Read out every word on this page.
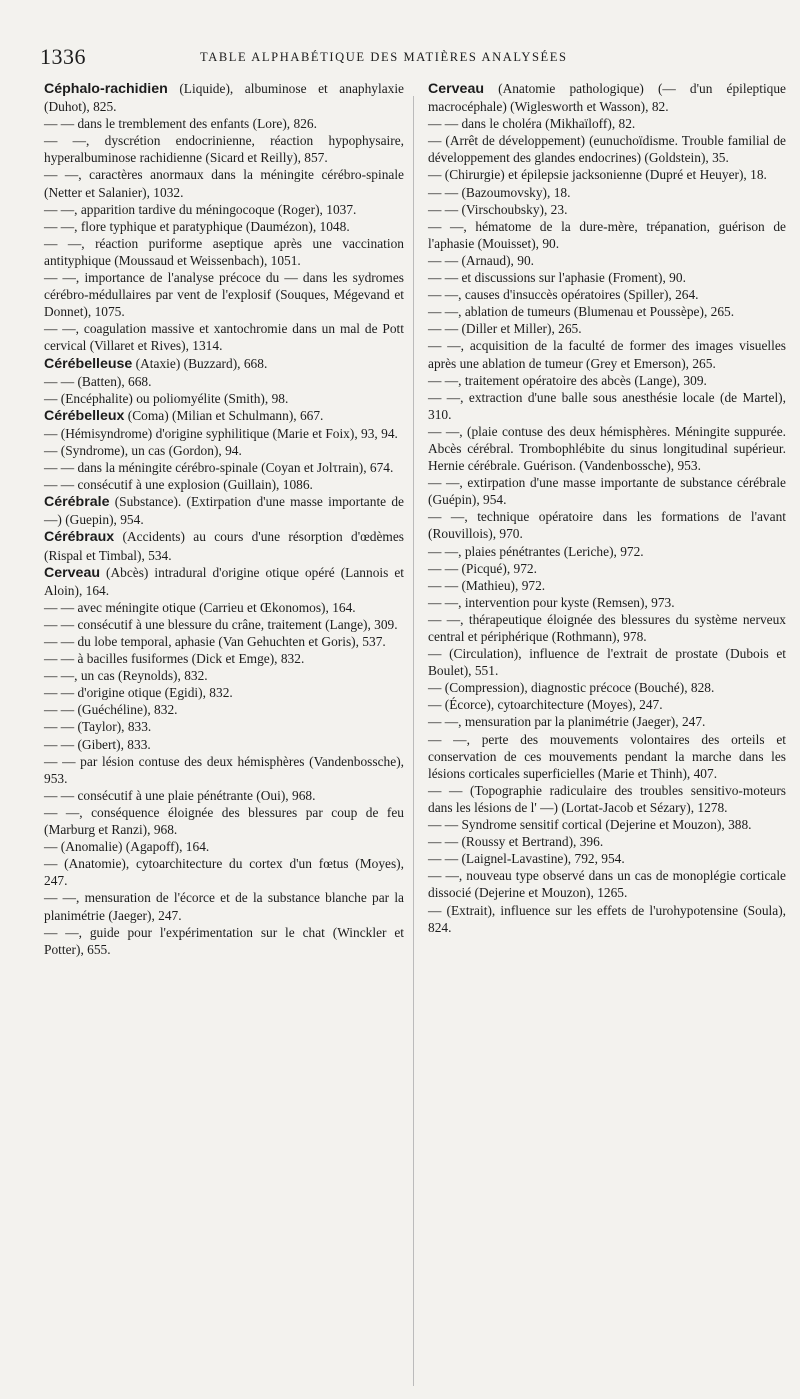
1336	TABLE ALPHABÉTIQUE DES MATIÈRES ANALYSÉES

Céphalo-rachidien (Liquide), albuminose et anaphylaxie (Duhot), 825.

— — dans le tremblement des enfants (Lore), 826.

— —, dyscrétion endocrinienne, réaction hypophysaire, hyperalbuminose rachidienne (Sicard et Reilly), 857.

— —, caractères anormaux dans la méningite cérébro-spinale (Netter et Salanier), 1032.

— —, apparition tardive du méningocoque (Roger), 1037.

— —, flore typhique et paratyphique (Daumézon), 1048.

— —, réaction puriforme aseptique après une vaccination antityphique (Moussaud et Weissenbach), 1051.

— —, importance de l'analyse précoce du — dans les sydromes cérébro-médullaires par vent de l'explosif (Souques, Mégevand et Donnet), 1075.

— —, coagulation massive et xantochromie dans un mal de Pott cervical (Villaret et Rives), 1314.

Cérébelleuse (Ataxie) (Buzzard), 668.

— — (Batten), 668.

— (Encéphalite) ou poliomyélite (Smith), 98.

Cérébelleux (Coma) (Milian et Schulmann), 667.

— (Hémisyndrome) d'origine syphilitique (Marie et Foix), 93, 94.

— (Syndrome), un cas (Gordon), 94.

— — dans la méningite cérébro-spinale (Coyan et Jolτrain), 674.

— — consécutif à une explosion (Guillain), 1086.

Cérébrale (Substance). (Extirpation d'une masse importante de —) (Guepin), 954.

Cérébraux (Accidents) au cours d'une résorption d'œdèmes (Rispal et Timbal), 534.

Cerveau (Abcès) intradural d'origine otique opéré (Lannois et Aloin), 164.

— — avec méningite otique (Carrieu et Œkonomos), 164.

— — consécutif à une blessure du crâne, traitement (Lange), 309.

— — du lobe temporal, aphasie (Van Gehuchten et Goris), 537.

— — à bacilles fusiformes (Dick et Emge), 832.

— —, un cas (Reynolds), 832.

— — d'origine otique (Egidi), 832.

— — (Guéchéline), 832.

— — (Taylor), 833.

— — (Gibert), 833.

— — par lésion contuse des deux hémisphères (Vandenbossche), 953.

— — consécutif à une plaie pénétrante (Oui), 968.

— —, conséquence éloignée des blessures par coup de feu (Marburg et Ranzi), 968.

— (Anomalie) (Agapoff), 164.

— (Anatomie), cytoarchitecture du cortex d'un fœtus (Moyes), 247.

— —, mensuration de l'écorce et de la substance blanche par la planimétrie (Jaeger), 247.

— —, guide pour l'expérimentation sur le chat (Winckler et Potter), 655.

Cerveau (Anatomie pathologique) (— d'un épileptique macrocéphale) (Wiglesworth et Wasson), 82.

— — dans le choléra (Mikhaïloff), 82.

— (Arrêt de développement) (eunuchoïdisme. Trouble familial de développement des glandes endocrines) (Goldstein), 35.

— (Chirurgie) et épilepsie jacksonienne (Dupré et Heuyer), 18.

— — (Bazoumovsky), 18.

— — (Virschoubsky), 23.

— —, hématome de la dure-mère, trépanation, guérison de l'aphasie (Mouisset), 90.

— — (Arnaud), 90.

— — et discussions sur l'aphasie (Froment), 90.

— —, causes d'insuccès opératoires (Spiller), 264.

— —, ablation de tumeurs (Blumenau et Poussèpe), 265.

— — (Diller et Miller), 265.

— —, acquisition de la faculté de former des images visuelles après une ablation de tumeur (Grey et Emerson), 265.

— —, traitement opératoire des abcès (Lange), 309.

— —, extraction d'une balle sous anesthésie locale (de Martel), 310.

— —, (plaie contuse des deux hémisphères. Méningite suppurée. Abcès cérébral. Trombophlébite du sinus longitudinal supérieur. Hernie cérébrale. Guérison. (Vandenbossche), 953.

— —, extirpation d'une masse importante de substance cérébrale (Guépin), 954.

— —, technique opératoire dans les formations de l'avant (Rouvillois), 970.

— —, plaies pénétrantes (Leriche), 972.

— — (Picqué), 972.

— — (Mathieu), 972.

— —, intervention pour kyste (Remsen), 973.

— —, thérapeutique éloignée des blessures du système nerveux central et périphérique (Rothmann), 978.

— (Circulation), influence de l'extrait de prostate (Dubois et Boulet), 551.

— (Compression), diagnostic précoce (Bouché), 828.

— (Écorce), cytoarchitecture (Moyes), 247.

— —, mensuration par la planimétrie (Jaeger), 247.

— —, perte des mouvements volontaires des orteils et conservation de ces mouvements pendant la marche dans les lésions corticales superficielles (Marie et Thinh), 407.

— — (Topographie radiculaire des troubles sensitivo-moteurs dans les lésions de l' —) (Lortat-Jacob et Sézary), 1278.

— — Syndrome sensitif cortical (Dejerine et Mouzon), 388.

— — (Roussy et Bertrand), 396.

— — (Laignel-Lavastine), 792, 954.

— —, nouveau type observé dans un cas de monoplégie corticale dissocié (Dejerine et Mouzon), 1265.

— (Extrait), influence sur les effets de l'urohypotensine (Soula), 824.
